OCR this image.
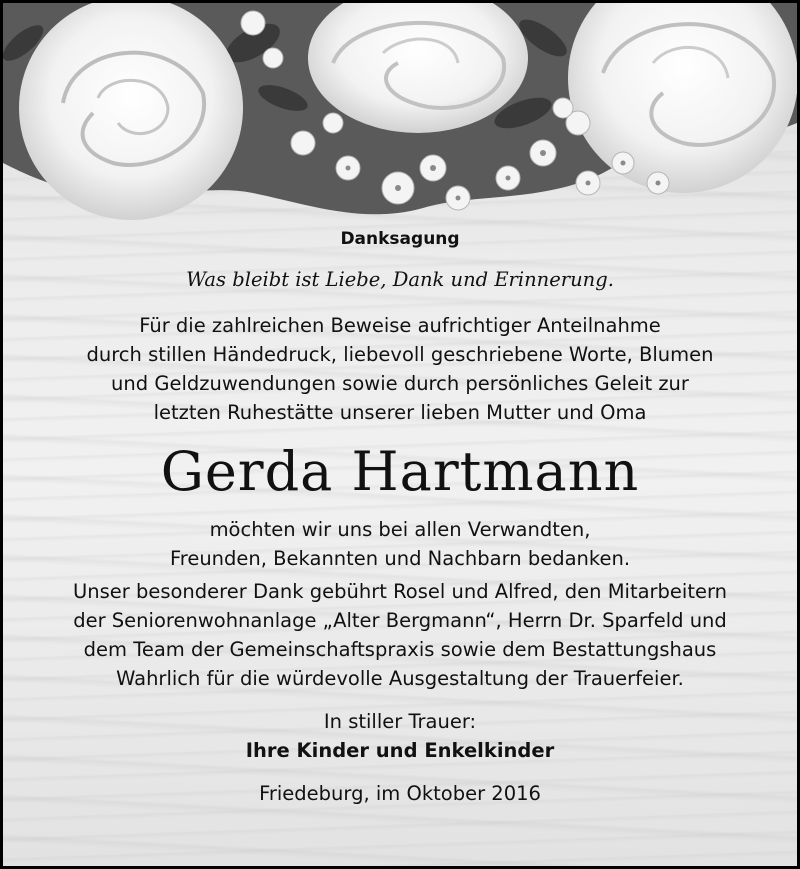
Danksagung
Was bleibt ist Liebe, Dank und Erinnerung.
Für die zahlreichen Beweise aufrichtiger Anteilnahme
durch stillen Händedruck, liebevoll geschriebene Worte, Blumen
und Geldzuwendungen sowie durch persönliches Geleit zur
letzten Ruhestätte unserer lieben Mutter und Oma
Gerda Hartmann
möchten wir uns bei allen Verwandten,
Freunden, Bekannten und Nachbarn bedanken.
Unser besonderer Dank gebührt Rosel und Alfred, den Mitarbeitern
der Seniorenwohnanlage „Alter Bergmann“, Herrn Dr. Sparfeld und
dem Team der Gemeinschaftspraxis sowie dem Bestattungshaus
Wahrlich für die würdevolle Ausgestaltung der Trauerfeier.
In stiller Trauer:
Ihre Kinder und Enkelkinder
Friedeburg, im Oktober 2016
